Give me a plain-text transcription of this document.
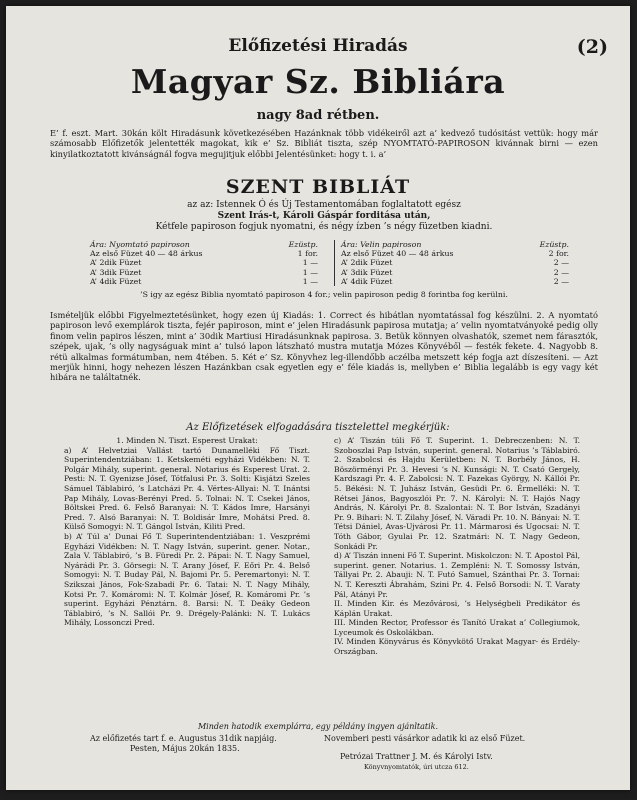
Előfizetési Hiradás	(2)
Magyar Sz. Bibliára
nagy 8ad rétben.

E’ f. eszt. Mart. 30kán költ Hiradásunk következésében Hazánknak több vidékeiről azt a’ kedvező tudósitást vettük: hogy már számosabb Előfizetők jelentették magokat, kik e’ Sz. Bibliát tiszta, szép NYOMTATÓ-PAPIROSON kivánnak birni — ezen kinyilatkoztatott kivánságnál fogva megujitjuk előbbi Jelentésünket: hogy t. i. a’

SZENT BIBLIÁT
az az: Istennek Ó és Új Testamentomában foglaltatott egész
Szent Irás-t, Károli Gáspár forditása után,
Kétfele papiroson fogjuk nyomatni, és négy ízben ’s négy füzetben kiadni.
Ára: Nyomtató papiroson	Ezüstp.
Az első Füzet 40 — 48 árkus	1 for.
A’ 2dik Füzet	1 —
A’ 3dik Füzet	1 —
A’ 4dik Füzet	1 —
Ára: Velin papiroson	Ezüstp.
Az első Füzet 40 — 48 árkus	2 for.
A’ 2dik Füzet	2 —
A’ 3dik Füzet	2 —
A’ 4dik Füzet	2 —
’S igy az egész Biblia nyomtató papiroson 4 for.; velin papiroson pedig 8 forintba fog kerülni.

Ismételjük előbbi Figyelmeztetésünket, hogy ezen új Kiadás: 1. Correct és hibátlan nyomtatással fog készülni. 2. A nyomtató papiroson levő exemplárok tiszta, fejér papiroson, mint e’ jelen Hiradásunk papirosa mutatja; a’ velin nyomtatványoké pedig olly finom velin papiros lészen, mint a’ 30dik Martiusi Hiradásunknak papirosa. 3. Betük könnyen olvashatók, szemet nem fárasztók, szépek, ujak, ’s olly nagyságuak mint a’ tulsó lapon látszható mustra mutatja Mózes Könyvéből — festék fekete. 4. Nagyobb 8. rétü alkalmas formátumban, nem 4tében. 5. Két e’ Sz. Könyvhez leg-illendőbb aczélba metszett kép fogja azt díszesíteni. — Azt merjük hinni, hogy nehezen lészen Hazánkban csak egyetlen egy e’ féle kiadás is, mellyben e’ Biblia legalább is egy vagy két hibára ne találtatnék.

Az Előfizetések elfogadására tisztelettel megkérjük:

1. Minden N. Tiszt. Esperest Urakat:

a) A’ Helvetziai Vallást tartó Dunamelléki Fő Tiszt. Superintendentziában: 1. Ketskeméti egyházi Vidékben: N. T. Polgár Mihály, superint. general. Notarius és Esperest Urat. 2. Pesti: N. T. Gyenizse Jósef, Tótfalusi Pr. 3. Solti: Kisjátzi Szeles Sámuel Táblabiró, ’s Latcházi Pr. 4. Vértes-Allyai: N. T. Inántsi Pap Mihály, Lovas-Berényi Pred. 5. Tolnai: N. T. Csekei János, Böltskei Pred. 6. Felső Baranyai: N. T. Kádos Imre, Harsányi Pred. 7. Alsó Baranyai: N. T. Boldisár Imre, Mohátsi Pred. 8. Külső Somogyi: N. T. Gángol István, Kiliti Pred.

b) A’ Túl a’ Dunai Fő T. Superintendentziában: 1. Veszprémi Egyházi Vidékben: N. T. Nagy István, superint. gener. Notar., Zala V. Táblabiró, ’s B. Füredi Pr. 2. Pápai: N. T. Nagy Samuel, Nyárádi Pr. 3. Görsegi: N. T. Arany Jósef, F. Eőri Pr. 4. Belső Somogyi: N. T. Buday Pál, N. Bajomi Pr. 5. Peremartonyi: N. T. Szikszai János, Fok-Szabadi Pr. 6. Tatai: N. T. Nagy Mihály, Kotsi Pr. 7. Komáromi: N. T. Kolmár Jósef, R. Komáromi Pr. ’s superint. Egyházi Pénztárn. 8. Barsi: N. T. Deáky Gedeon Táblabiró, ’s N. Sallói Pr. 9. Drégely-Palánki: N. T. Lukács Mihály, Lossonczi Pred.

c) A’ Tiszán túli Fő T. Superint. 1. Debreczenben: N. T. Szoboszlai Pap István, superint. general. Notarius ’s Táblabiró. 2. Szabolcsi és Hajdu Kerületben: N. T. Borbély János, H. Böszörményi Pr. 3. Hevesi ’s N. Kunsági: N. T. Csató Gergely, Kardszagi Pr. 4. F. Zabolcsi: N. T. Fazekas György, N. Kállói Pr. 5. Békési: N. T. Juhász István, Gesüdi Pr. 6. Érmelléki: N. T. Rétsei János, Bagyoszlói Pr. 7. N. Károlyi: N. T. Hajós Nagy András, N. Károlyi Pr. 8. Szalontai: N. T. Bor István, Szadányi Pr. 9. Bihari: N. T. Zilahy Jósef, N. Váradi Pr. 10. N. Bányai: N. T. Tétsi Dániel, Avas-Ujvárosi Pr. 11. Mármarosi és Ugocsai: N. T. Tóth Gábor, Gyulai Pr. 12. Szatmári: N. T. Nagy Gedeon, Sonkádi Pr.

d) A’ Tiszán inneni Fő T. Superint. Miskolczon: N. T. Apostol Pál, superint. gener. Notarius. 1. Zempléni: N. T. Somossy István, Tállyai Pr. 2. Abauji: N. T. Futó Samuel, Szánthai Pr. 3. Tornai: N. T. Kereszti Ábrahám, Szini Pr. 4. Felső Borsodi: N. T. Varaty Pál, Atányi Pr.

II. Minden Kir. és Mezővárosi, ’s Helységbeli Predikátor és Káplán Urakat.

III. Minden Rector, Professor és Tanító Urakat a’ Collegiumok, Lyceumok és Oskolákban.

IV. Minden Könyvárus és Könyvkötő Urakat Magyar- és Erdély-Országban.

Minden hatodik exemplárra, egy példány ingyen ajánltatik.
Az előfizetés tart f. e. Augustus 31dik napjáig.
Pesten, Május 20kán 1835.
Novemberi pesti vásárkor adatik ki az első Füzet.
Petrózai Trattner J. M. és Károlyi Istv.
Könyvnyomtatók, úri utcza 612.
